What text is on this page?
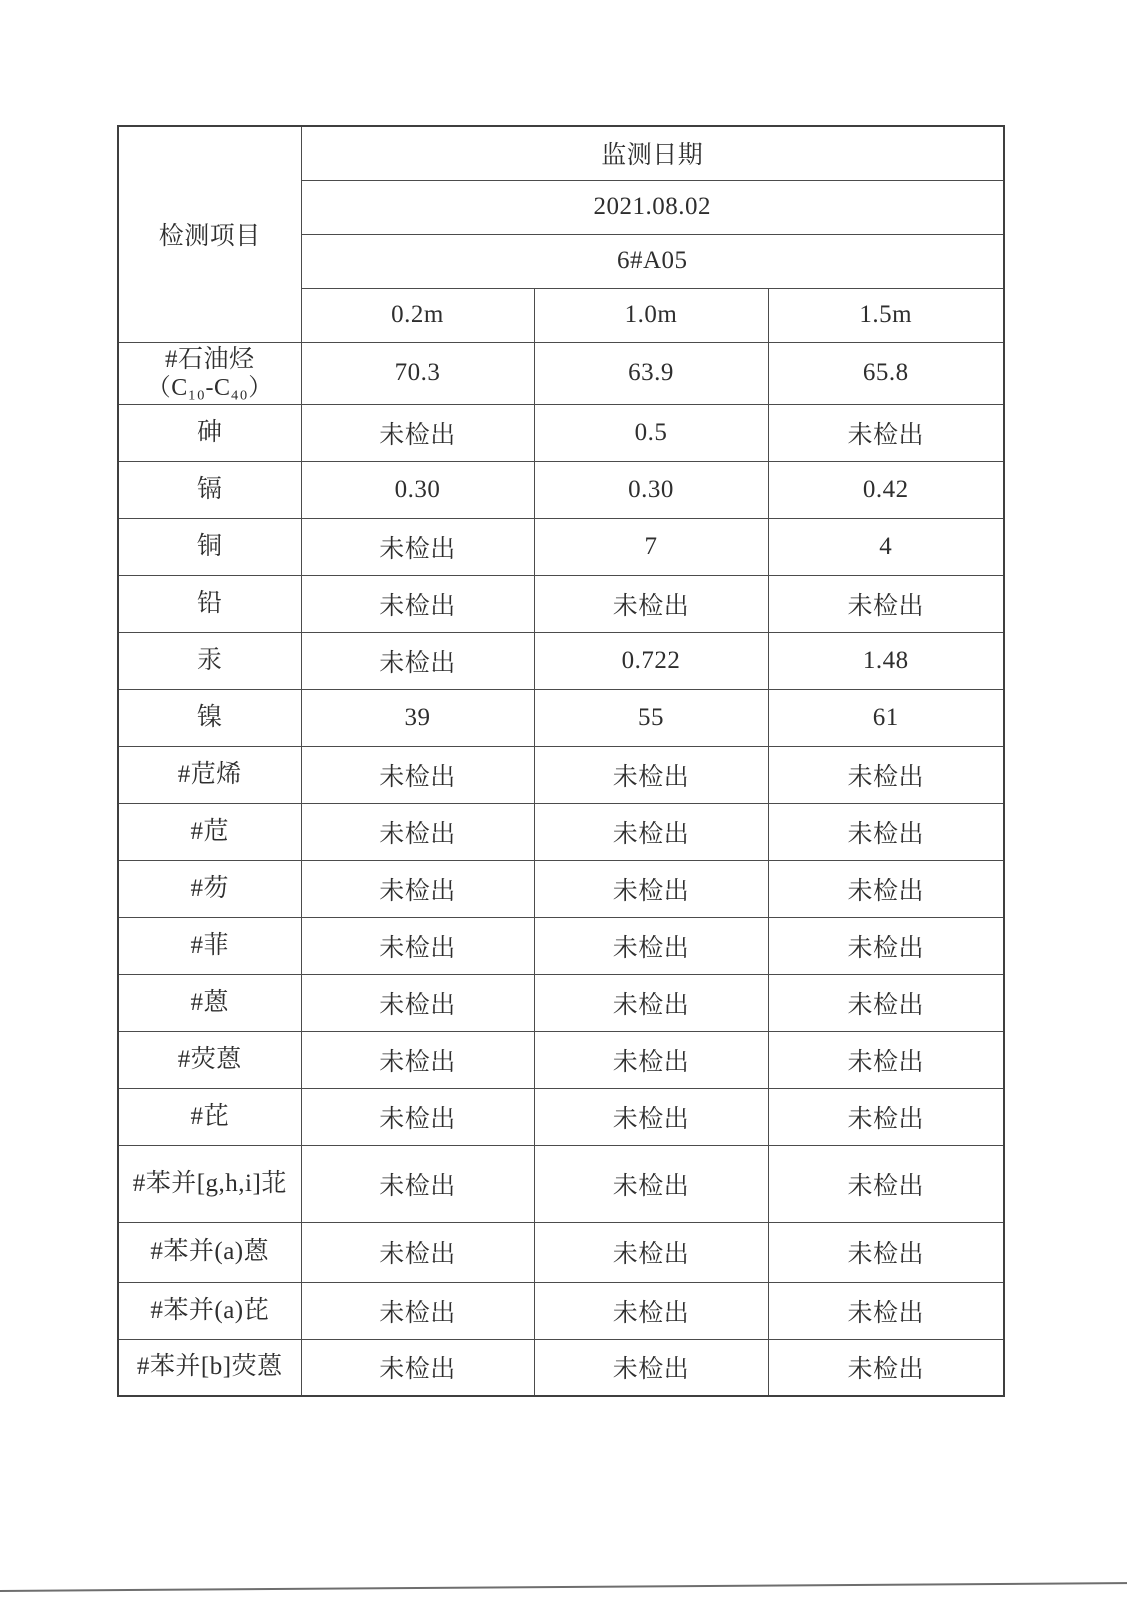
检测项目	监测日期		
	2021.08.02		
	6#A05		
	0.2m	1.0m	1.5m

#石油烃
（C₁₀-C₄₀）	70.3	63.9	65.8

砷	未检出	0.5	未检出

镉	0.30	0.30	0.42

铜	未检出	7	4

铅	未检出	未检出	未检出

汞	未检出	0.722	1.48

镍	39	55	61

#苊烯	未检出	未检出	未检出

#苊	未检出	未检出	未检出

#芴	未检出	未检出	未检出

#菲	未检出	未检出	未检出

#蒽	未检出	未检出	未检出

#荧蒽	未检出	未检出	未检出

#芘	未检出	未检出	未检出

#苯并[g,h,i]苝	未检出	未检出	未检出

#苯并(a)蒽	未检出	未检出	未检出

#苯并(a)芘	未检出	未检出	未检出

#苯并[b]荧蒽	未检出	未检出	未检出
